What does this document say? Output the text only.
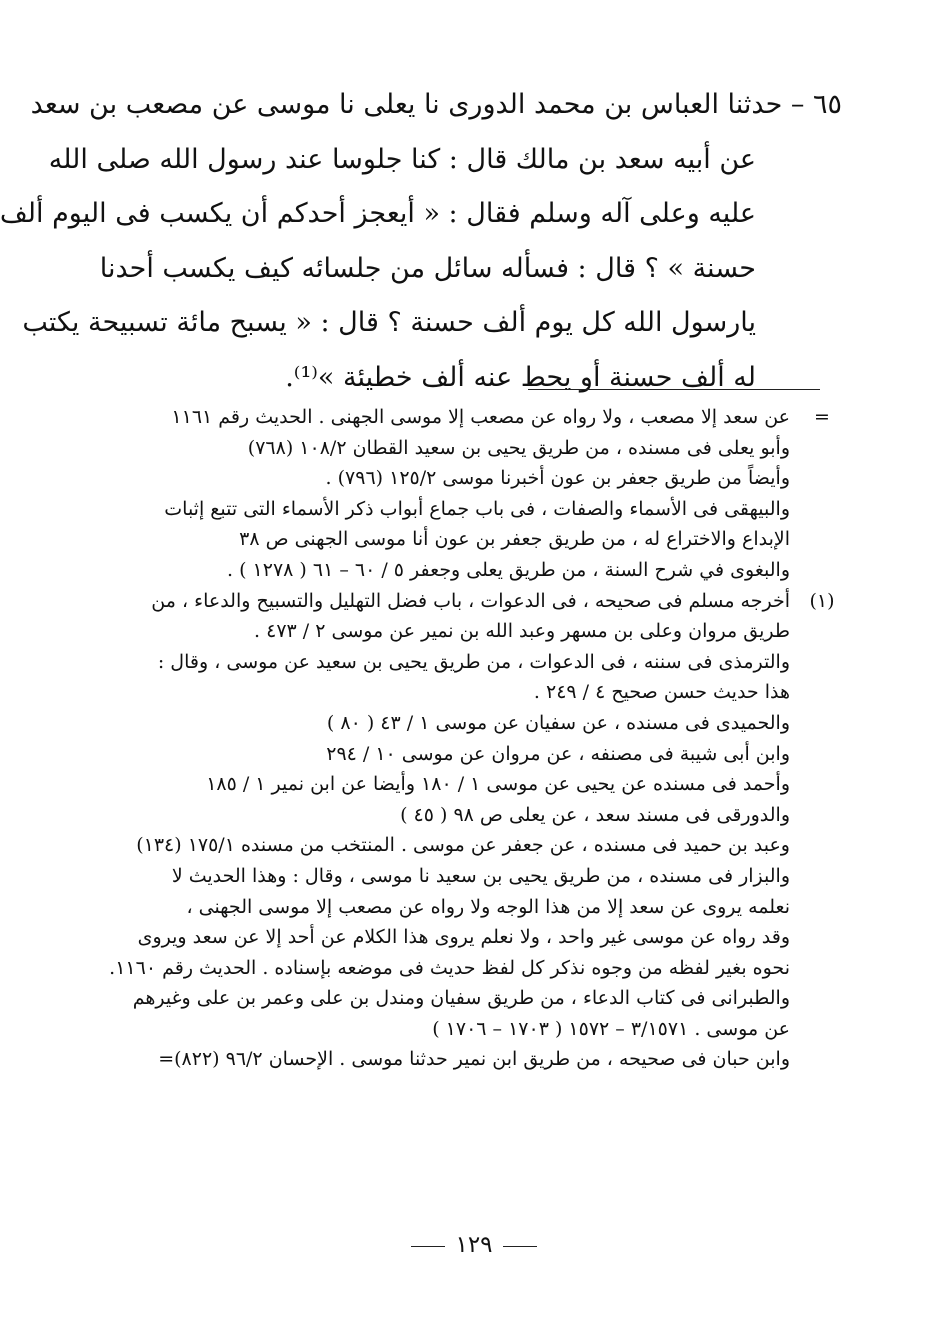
٦٥ – حدثنا العباس بن محمد الدورى نا يعلى نا موسى عن مصعب بن سعد
عن أبيه سعد بن مالك قال : كنا جلوسا عند رسول الله صلى الله
عليه وعلى آله وسلم فقال : « أيعجز أحدكم أن يكسب فى اليوم ألف
حسنة » ؟ قال : فسأله سائل من جلسائه كيف يكسب أحدنا
يارسول الله كل يوم ألف حسنة ؟ قال : « يسبح مائة تسبيحة يكتب
له ألف حسنة أو يحط عنه ألف خطيئة »⁽¹⁾.
=
عن سعد إلا مصعب ، ولا رواه عن مصعب إلا موسى الجهنى . الحديث رقم ١١٦١
وأبو يعلى فى مسنده ، من طريق يحيى بن سعيد القطان ١٠٨/٢ (٧٦٨)
وأيضاً من طريق جعفر بن عون أخبرنا موسى ١٢٥/٢ (٧٩٦) .
والبيهقى فى الأسماء والصفات ، فى باب جماع أبواب ذكر الأسماء التى تتبع إثبات
الإبداع والاختراع له ، من طريق جعفر بن عون أنا موسى الجهنى ص ٣٨
والبغوى في شرح السنة ، من طريق يعلى وجعفر ٥ / ٦٠ – ٦١ ( ١٢٧٨ ) .
(١)
أخرجه مسلم فى صحيحه ، فى الدعوات ، باب فضل التهليل والتسبيح والدعاء ، من
طريق مروان وعلى بن مسهر وعبد الله بن نمير عن موسى ٢ / ٤٧٣ .
والترمذى فى سننه ، فى الدعوات ، من طريق يحيى بن سعيد عن موسى ، وقال :
هذا حديث حسن صحيح ٤ / ٢٤٩ .
والحميدى فى مسنده ، عن سفيان عن موسى ١ / ٤٣ ( ٨٠ )
وابن أبى شيبة فى مصنفه ، عن مروان عن موسى ١٠ / ٢٩٤
وأحمد فى مسنده عن يحيى عن موسى ١ / ١٨٠ وأيضا عن ابن نمير ١ / ١٨٥
والدورقى فى مسند سعد ، عن يعلى ص ٩٨ ( ٤٥ )
وعبد بن حميد فى مسنده ، عن جعفر عن موسى . المنتخب من مسنده ١٧٥/١ (١٣٤)
والبزار فى مسنده ، من طريق يحيى بن سعيد نا موسى ، وقال : وهذا الحديث لا
نعلمه يروى عن سعد إلا من هذا الوجه ولا رواه عن مصعب إلا موسى الجهنى ،
وقد رواه عن موسى غير واحد ، ولا نعلم يروى هذا الكلام عن أحد إلا عن سعد ويروى
نحوه بغير لفظه من وجوه نذكر كل لفظ حديث فى موضعه بإسناده . الحديث رقم ١١٦٠.
والطبرانى فى كتاب الدعاء ، من طريق سفيان ومندل بن على وعمر بن على وغيرهم
عن موسى . ٣/١٥٧١ – ١٥٧٢ ( ١٧٠٣ – ١٧٠٦ )
وابن حبان فى صحيحه ، من طريق ابن نمير حدثنا موسى . الإحسان ٩٦/٢ (٨٢٢)=
١٢٩
